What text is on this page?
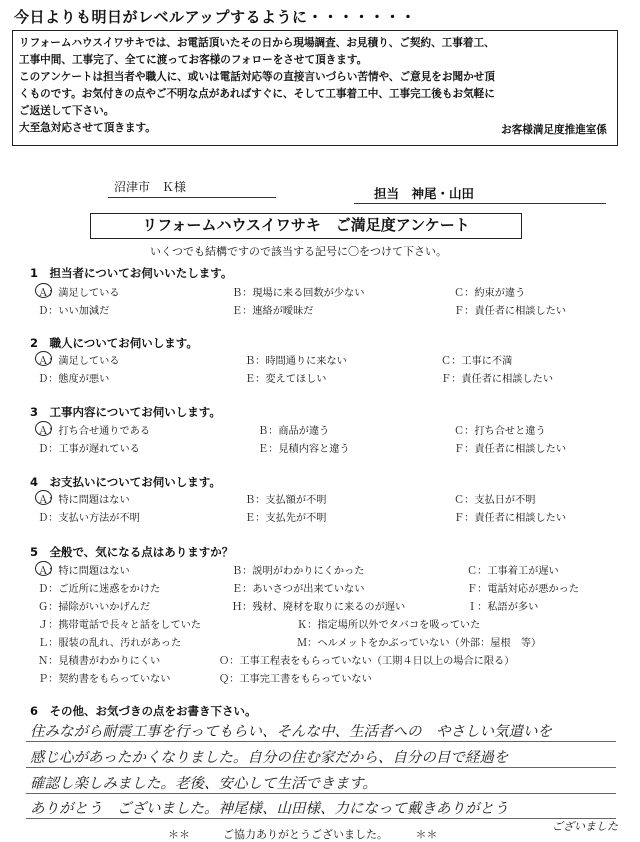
今日よりも明日がレベルアップするように・・・・・・・

リフォームハウスイワサキでは、お電話頂いたその日から現場調査、お見積り、ご契約、工事着工、

工事中間、工事完了、全てに渡ってお客様のフォローをさせて頂きます。

このアンケートは担当者や職人に、或いは電話対応等の直接言いづらい苦情や、ご意見をお聞かせ頂

くものです。お気付きの点やご不明な点があればすぐに、そして工事着工中、工事完工後もお気軽に

ご返送して下さい。

大至急対応させて頂きます。	お客様満足度推進室係
沼津市　Ｋ様	担当　神尾・山田
リフォームハウスイワサキ　ご満足度アンケート
いくつでも結構ですので該当する記号に〇をつけて下さい。
1　担当者についてお伺いいたします。
Ａ：満足している	Ｂ：現場に来る回数が少ない	Ｃ：約束が違う
Ｄ：いい加減だ	Ｅ：連絡が曖昧だ	Ｆ：責任者に相談したい
2　職人についてお伺いします。
Ａ：満足している	Ｂ：時間通りに来ない	Ｃ：工事に不満
Ｄ：態度が悪い	Ｅ：変えてほしい	Ｆ：責任者に相談したい
3　工事内容についてお伺いします。
Ａ：打ち合せ通りである	Ｂ：商品が違う	Ｃ：打ち合せと違う
Ｄ：工事が遅れている	Ｅ：見積内容と違う	Ｆ：責任者に相談したい
4　お支払いについてお伺いします。
Ａ：特に問題はない	Ｂ：支払額が不明	Ｃ：支払日が不明
Ｄ：支払い方法が不明	Ｅ：支払先が不明	Ｆ：責任者に相談したい
5　全般で、気になる点はありますか？
Ａ：特に問題はない	Ｂ：説明がわかりにくかった	Ｃ：工事着工が遅い
Ｄ：ご近所に迷惑をかけた	Ｅ：あいさつが出来ていない	Ｆ：電話対応が悪かった
Ｇ：掃除がいいかげんだ	Ｈ：残材、廃材を取りに来るのが遅い	Ｉ：私語が多い
Ｊ：携帯電話で長々と話をしていた	Ｋ：指定場所以外でタバコを吸っていた
Ｌ：服装の乱れ、汚れがあった	Ｍ：ヘルメットをかぶっていない（外部：屋根　等）
Ｎ：見積書がわかりにくい	Ｏ：工事工程表をもらっていない（工期４日以上の場合に限る）
Ｐ：契約書をもらっていない	Ｑ：工事完工書をもらっていない
6　その他、お気づきの点をお書き下さい。
住みながら耐震工事を行ってもらい、そんな中、生活者への　やさしい気遣いを
感じ心があったかくなりました。自分の住む家だから、自分の目で経過を
確認し楽しみました。老後、安心して生活できます。
ありがとう　ございました。神尾様、山田様、力になって戴きありがとう
ございました
＊＊　　　ご協力ありがとうございました。　　　＊＊
